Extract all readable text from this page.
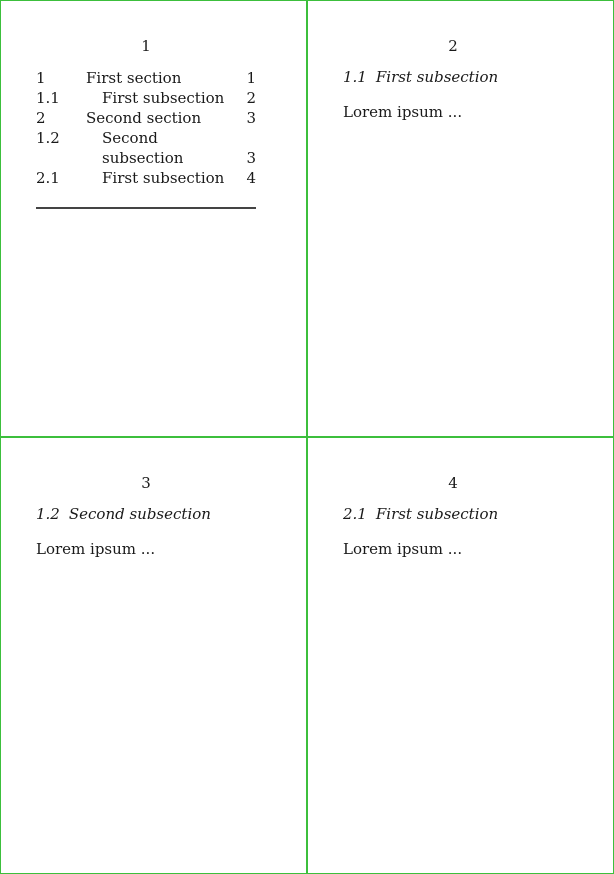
1
1	First section	1
1.1	First subsection	2
2	Second section	3
1.2	Second subsection	3
2.1	First subsection	4
2
1.1 First subsection
Lorem ipsum ...
3
1.2 Second subsection
Lorem ipsum ...
4
2.1 First subsection
Lorem ipsum ...
